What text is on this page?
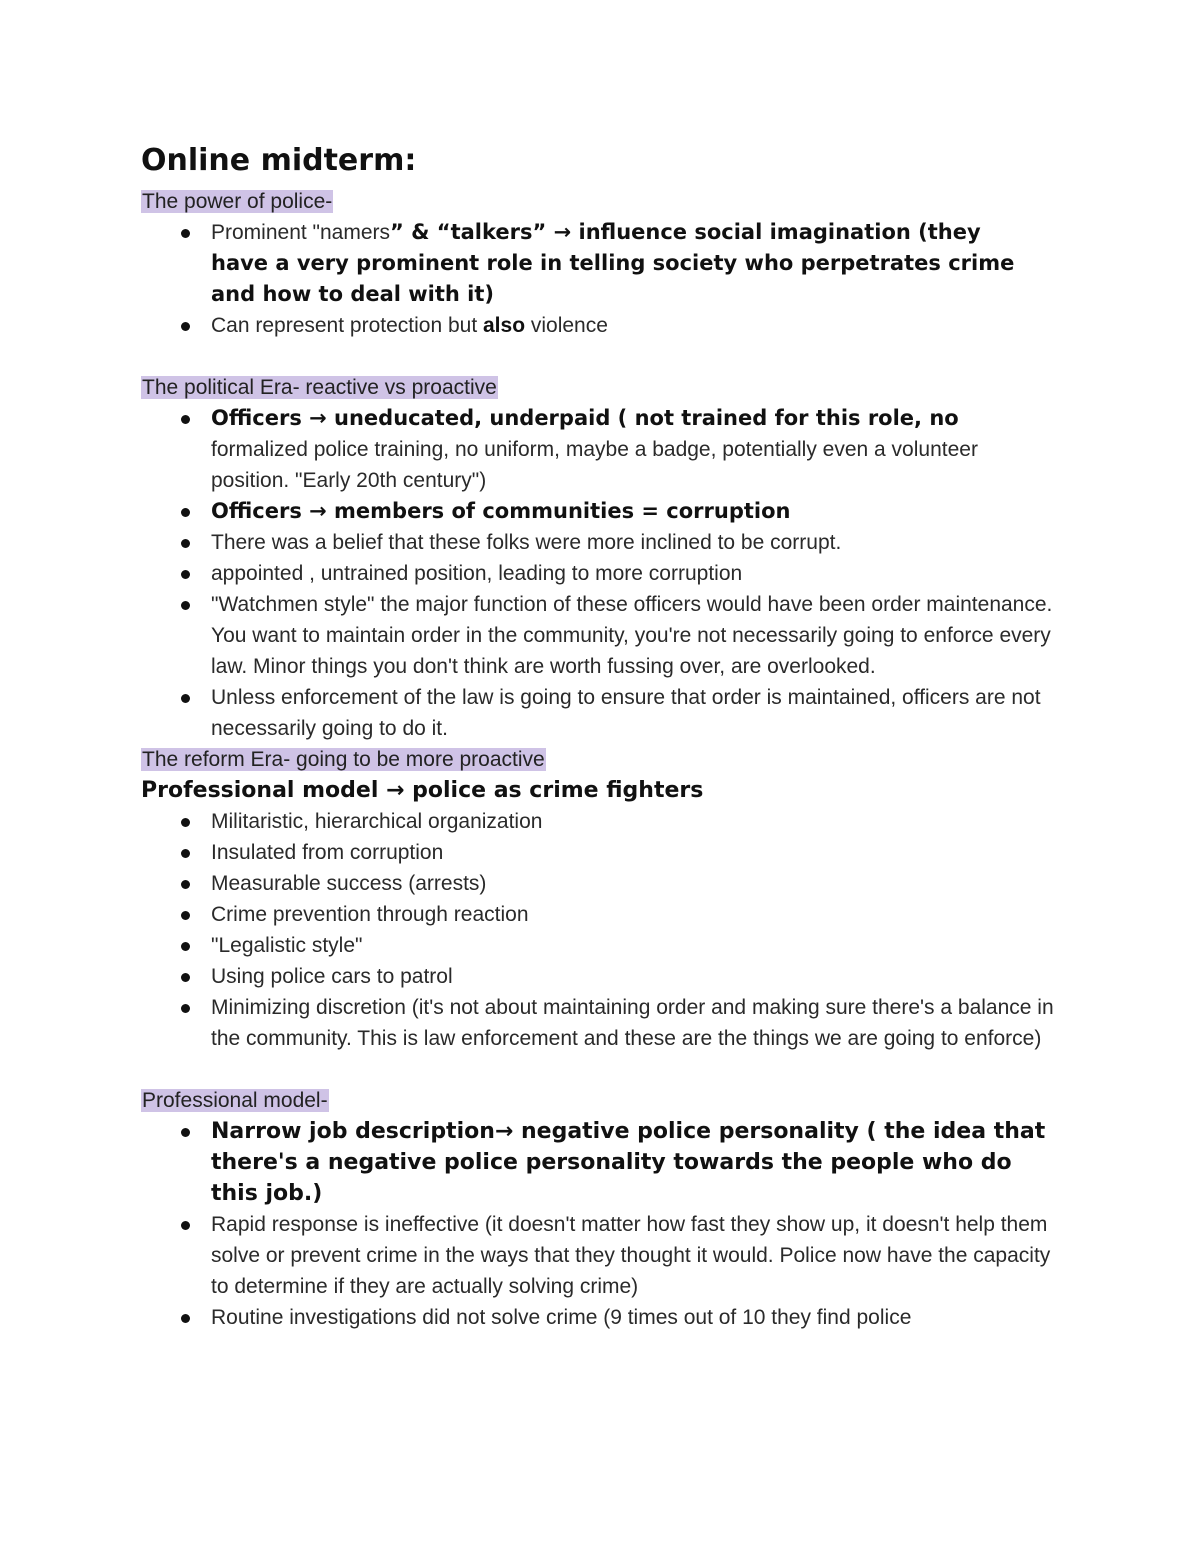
Online midterm:
The power of police-
Prominent "namers” & “talkers” → influence social imagination (they have a very prominent role in telling society who perpetrates crime and how to deal with it)
Can represent protection but also violence
The political Era- reactive vs proactive
Officers → uneducated, underpaid ( not trained for this role, no
formalized police training, no uniform, maybe a badge, potentially even a volunteer position. "Early 20th century")
Officers → members of communities = corruption
There was a belief that these folks were more inclined to be corrupt.
appointed , untrained position, leading to more corruption
"Watchmen style" the major function of these officers would have been order maintenance. You want to maintain order in the community, you're not necessarily going to enforce every law. Minor things you don't think are worth fussing over, are overlooked.
Unless enforcement of the law is going to ensure that order is maintained, officers are not necessarily going to do it.
The reform Era- going to be more proactive
Professional model → police as crime fighters
Militaristic, hierarchical organization
Insulated from corruption
Measurable success (arrests)
Crime prevention through reaction
"Legalistic style"
Using police cars to patrol
Minimizing discretion (it's not about maintaining order and making sure there's a balance in the community. This is law enforcement and these are the things we are going to enforce)
Professional model-
Narrow job description→ negative police personality ( the idea that there's a negative police personality towards the people who do this job.)
Rapid response is ineffective (it doesn't matter how fast they show up, it doesn't help them solve or prevent crime in the ways that they thought it would. Police now have the capacity to determine if they are actually solving crime)
Routine investigations did not solve crime (9 times out of 10 they find police
